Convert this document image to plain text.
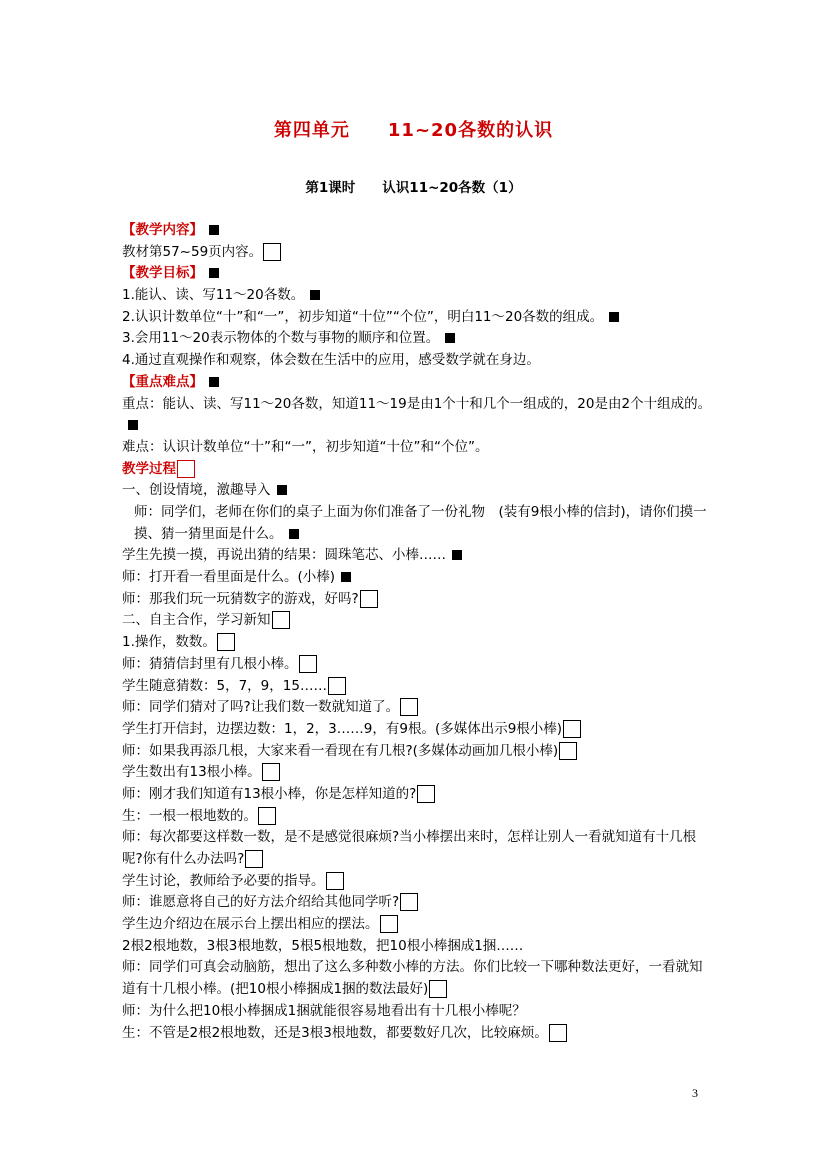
第四单元　　11~20各数的认识
第1课时　　认识11~20各数（1）
【教学内容】
教材第57~59页内容。
【教学目标】
1.能认、读、写11～20各数。
2.认识计数单位“十”和“一”，初步知道“十位”“个位”，明白11～20各数的组成。
3.会用11～20表示物体的个数与事物的顺序和位置。
4.通过直观操作和观察，体会数在生活中的应用，感受数学就在身边。
【重点难点】
重点：能认、读、写11～20各数，知道11～19是由1个十和几个一组成的，20是由2个十组成的。
难点：认识计数单位“十”和“一”，初步知道“十位”和“个位”。
教学过程
一、创设情境，激趣导入
师：同学们，老师在你们的桌子上面为你们准备了一份礼物　(装有9根小棒的信封)，请你们摸一摸、猜一猜里面是什么。
学生先摸一摸，再说出猜的结果：圆珠笔芯、小棒……
师：打开看一看里面是什么。(小棒)
师：那我们玩一玩猜数字的游戏，好吗?
二、自主合作，学习新知
1.操作，数数。
师：猜猜信封里有几根小棒。
学生随意猜数：5，7，9，15……
师：同学们猜对了吗?让我们数一数就知道了。
学生打开信封，边摆边数：1，2，3……9，有9根。(多媒体出示9根小棒)
师：如果我再添几根，大家来看一看现在有几根?(多媒体动画加几根小棒)
学生数出有13根小棒。
师：刚才我们知道有13根小棒，你是怎样知道的?
生：一根一根地数的。
师：每次都要这样数一数，是不是感觉很麻烦?当小棒摆出来时，怎样让别人一看就知道有十几根呢?你有什么办法吗?
学生讨论，教师给予必要的指导。
师：谁愿意将自己的好方法介绍给其他同学听?
学生边介绍边在展示台上摆出相应的摆法。
2根2根地数，3根3根地数，5根5根地数，把10根小棒捆成1捆……
师：同学们可真会动脑筋，想出了这么多种数小棒的方法。你们比较一下哪种数法更好，一看就知道有十几根小棒。(把10根小棒捆成1捆的数法最好)
师：为什么把10根小棒捆成1捆就能很容易地看出有十几根小棒呢？
生：不管是2根2根地数，还是3根3根地数，都要数好几次，比较麻烦。
3
